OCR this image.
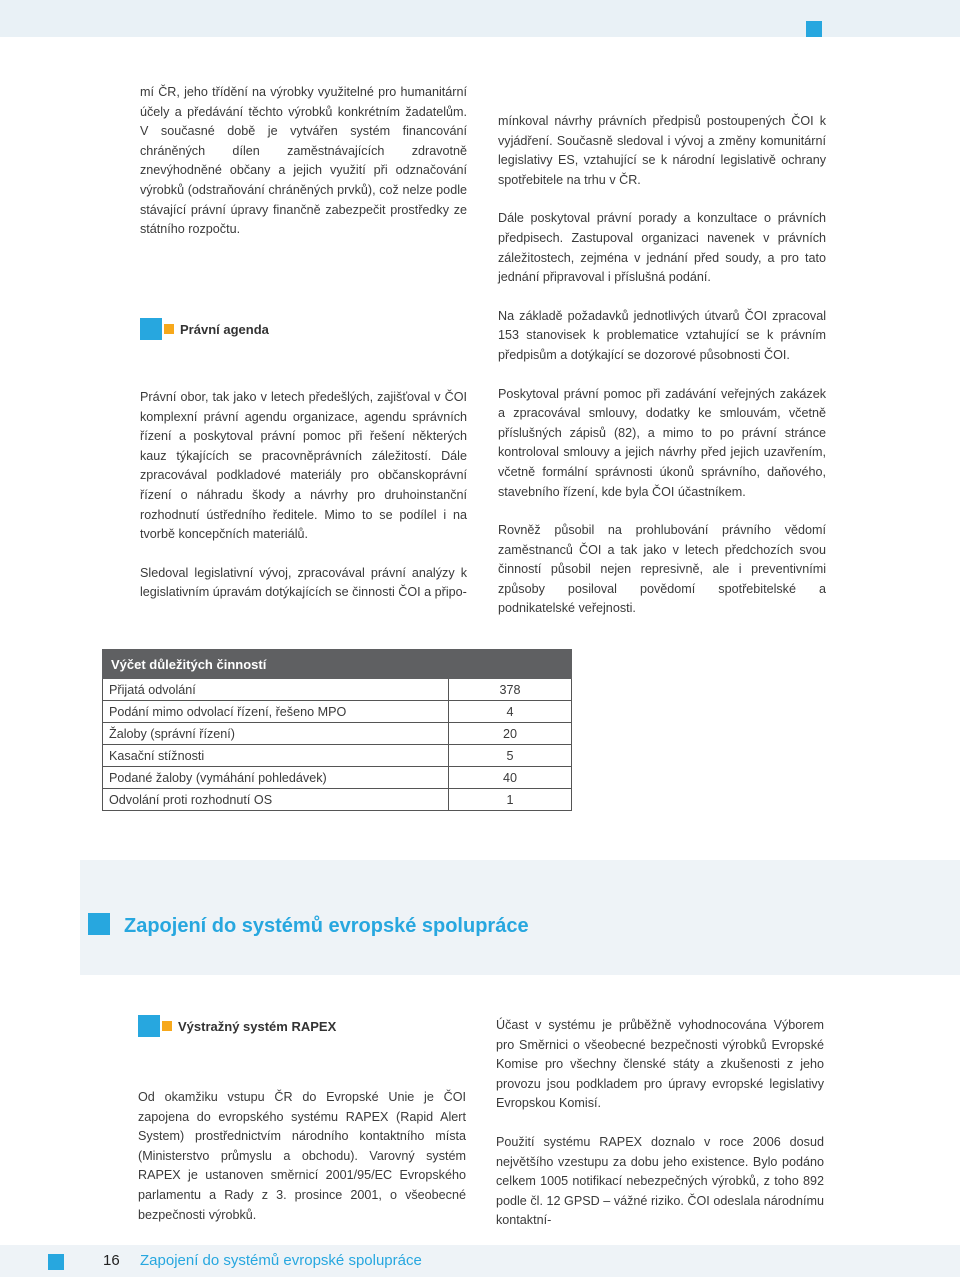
mí ČR, jeho třídění na výrobky využitelné pro humanitární účely a předávání těchto výrobků konkrétním žadatelům. V současné době je vytvářen systém financování chráněných dílen zaměstnávajících zdravotně znevýhodněné občany a jejich využití při odznačování výrobků (odstraňování chráněných prvků), což nelze podle stávající právní úpravy finančně zabezpečit prostředky ze státního rozpočtu.

Právní agenda

Právní obor, tak jako v letech předešlých, zajišťoval v ČOI komplexní právní agendu organizace, agendu správních řízení a poskytoval právní pomoc při řešení některých kauz týkajících se pracovněprávních záležitostí. Dále zpracovával podkladové materiály pro občanskoprávní řízení o náhradu škody a návrhy pro druhoinstanční rozhodnutí ústředního ředitele. Mimo to se podílel i na tvorbě koncepčních materiálů.

Sledoval legislativní vývoj, zpracovával právní analýzy k legislativním úpravám dotýkajících se činnosti ČOI a připo-

mínkoval návrhy právních předpisů postoupených ČOI k vyjádření. Současně sledoval i vývoj a změny komunitární legislativy ES, vztahující se k národní legislativě ochrany spotřebitele na trhu v ČR.

Dále poskytoval právní porady a konzultace o právních předpisech. Zastupoval organizaci navenek v právních záležitostech, zejména v jednání před soudy, a pro tato jednání připravoval i příslušná podání.

Na základě požadavků jednotlivých útvarů ČOI zpracoval 153 stanovisek k problematice vztahující se k právním předpisům a dotýkající se dozorové působnosti ČOI.

Poskytoval právní pomoc při zadávání veřejných zakázek a zpracovával smlouvy, dodatky ke smlouvám, včetně příslušných zápisů (82), a mimo to po právní stránce kontroloval smlouvy a jejich návrhy před jejich uzavřením, včetně formální správnosti úkonů správního, daňového, stavebního řízení, kde byla ČOI účastníkem.

Rovněž působil na prohlubování právního vědomí zaměstnanců ČOI a tak jako v letech předchozích svou činností působil nejen represivně, ale i preventivními způsoby posiloval povědomí spotřebitelské a podnikatelské veřejnosti.

Výčet důležitých činností	
Přijatá odvolání	378
Podání mimo odvolací řízení, řešeno MPO	4
Žaloby (správní řízení)	20
Kasační stížnosti	5
Podané žaloby (vymáhání pohledávek)	40
Odvolání proti rozhodnutí OS	1
Zapojení do systémů evropské spolupráce
Výstražný systém RAPEX

Od okamžiku vstupu ČR do Evropské Unie je ČOI zapojena do evropského systému RAPEX (Rapid Alert System) prostřednictvím národního kontaktního místa (Ministerstvo průmyslu a obchodu). Varovný systém RAPEX je ustanoven směrnicí 2001/95/EC Evropského parlamentu a Rady z 3. prosince 2001, o všeobecné bezpečnosti výrobků.

Účast v systému je průběžně vyhodnocována Výborem pro Směrnici o všeobecné bezpečnosti výrobků Evropské Komise pro všechny členské státy a zkušenosti z jeho provozu jsou podkladem pro úpravy evropské legislativy Evropskou Komisí.

Použití systému RAPEX doznalo v roce 2006 dosud největšího vzestupu za dobu jeho existence. Bylo podáno celkem 1005 notifikací nebezpečných výrobků, z toho 892 podle čl. 12 GPSD – vážné riziko. ČOI odeslala národnímu kontaktní-

16 Zapojení do systémů evropské spolupráce
